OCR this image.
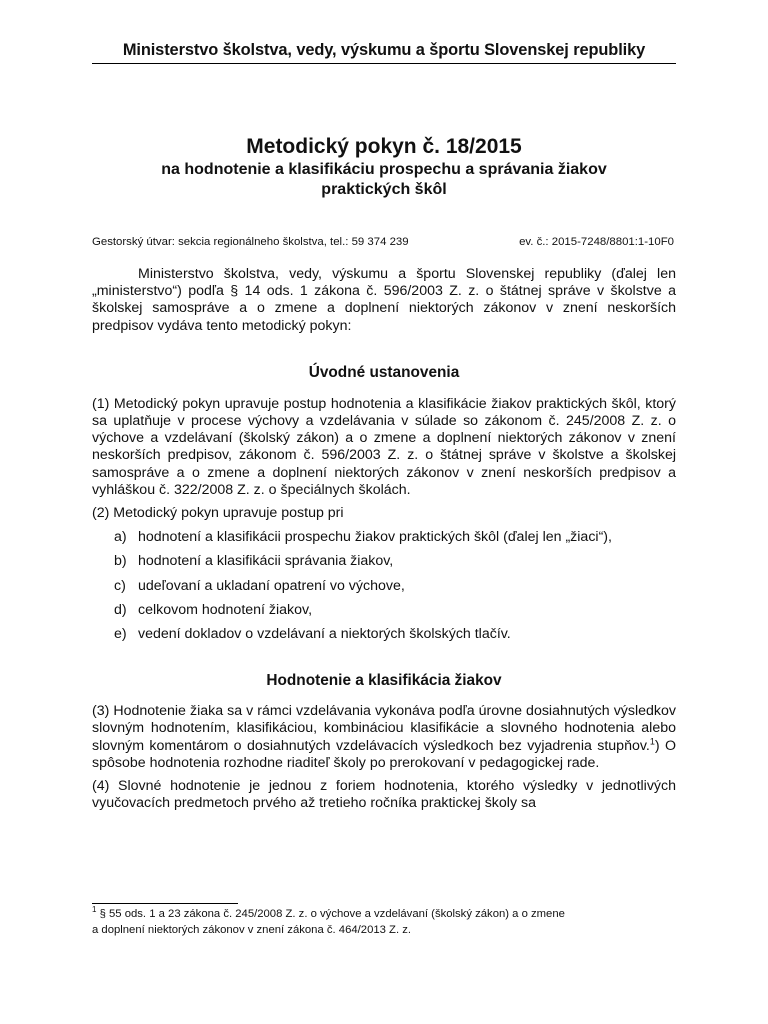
Ministerstvo školstva, vedy, výskumu a športu Slovenskej republiky
Metodický pokyn č. 18/2015
na hodnotenie a klasifikáciu prospechu a správania žiakov
praktických škôl
Gestorský útvar: sekcia regionálneho školstva, tel.: 59 374 239	ev. č.: 2015-7248/8801:1-10F0

Ministerstvo školstva, vedy, výskumu a športu Slovenskej republiky (ďalej len „ministerstvo“) podľa § 14 ods. 1 zákona č. 596/2003 Z. z. o štátnej správe v školstve a školskej samospráve a o zmene a doplnení niektorých zákonov v znení neskorších predpisov vydáva tento metodický pokyn:

Úvodné ustanovenia

(1) Metodický pokyn upravuje postup hodnotenia a klasifikácie žiakov praktických škôl, ktorý sa uplatňuje v procese výchovy a vzdelávania v súlade so zákonom č. 245/2008 Z. z. o výchove a vzdelávaní (školský zákon) a o zmene a doplnení niektorých zákonov v znení neskorších predpisov, zákonom č. 596/2003 Z. z. o štátnej správe v školstve a školskej samospráve a o zmene a doplnení niektorých zákonov v znení neskorších predpisov a vyhláškou č. 322/2008 Z. z. o špeciálnych školách.

(2) Metodický pokyn upravuje postup pri

a) hodnotení a klasifikácii prospechu žiakov praktických škôl (ďalej len „žiaci“),
b) hodnotení a klasifikácii správania žiakov,
c) udeľovaní a ukladaní opatrení vo výchove,
d) celkovom hodnotení žiakov,
e) vedení dokladov o vzdelávaní a niektorých školských tlačív.
Hodnotenie a klasifikácia žiakov

(3) Hodnotenie žiaka sa v rámci vzdelávania vykonáva podľa úrovne dosiahnutých výsledkov slovným hodnotením, klasifikáciou, kombináciou klasifikácie a slovného hodnotenia alebo slovným komentárom o dosiahnutých vzdelávacích výsledkoch bez vyjadrenia stupňov.$^1$) O spôsobe hodnotenia rozhodne riaditeľ školy po prerokovaní v pedagogickej rade.

(4) Slovné hodnotenie je jednou z foriem hodnotenia, ktorého výsledky v jednotlivých vyučovacích predmetoch prvého až tretieho ročníka praktickej školy sa

$^1$ § 55 ods. 1 a 23 zákona č. 245/2008 Z. z. o výchove a vzdelávaní (školský zákon) a o zmene
a doplnení niektorých zákonov v znení zákona č. 464/2013 Z. z.
